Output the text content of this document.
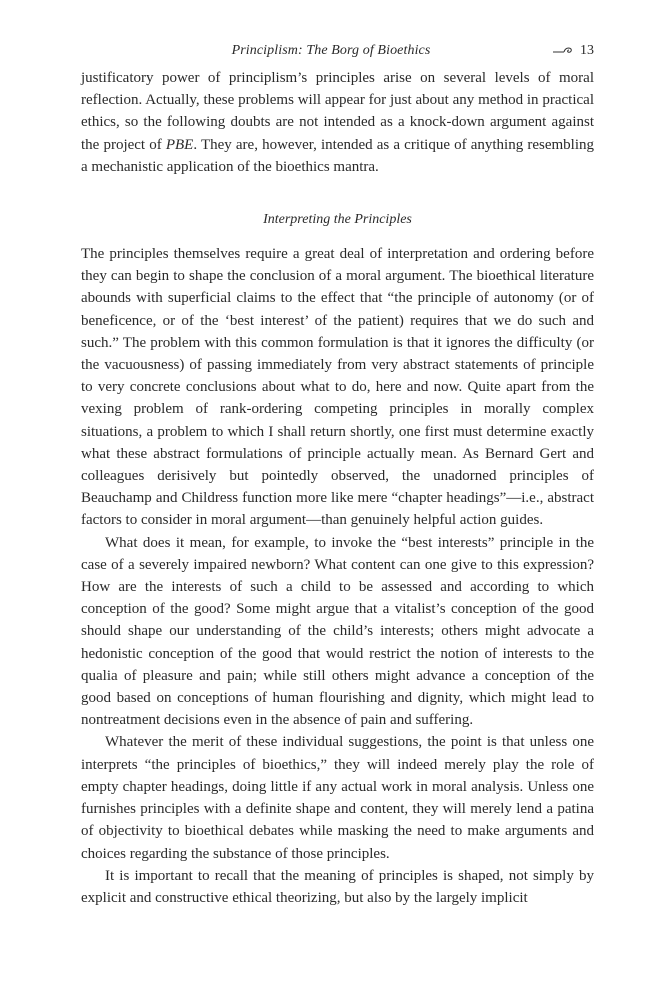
Principlism: The Borg of Bioethics	13

justificatory power of principlism’s principles arise on several levels of moral reflection. Actually, these problems will appear for just about any method in practical ethics, so the following doubts are not intended as a knock-down argument against the project of PBE. They are, however, intended as a critique of anything resembling a mechanistic application of the bioethics mantra.

Interpreting the Principles

The principles themselves require a great deal of interpretation and ordering before they can begin to shape the conclusion of a moral argument. The bioethical literature abounds with superficial claims to the effect that “the principle of autonomy (or of beneficence, or of the ‘best interest’ of the patient) requires that we do such and such.” The problem with this common formulation is that it ignores the difficulty (or the vacuousness) of passing immediately from very abstract statements of principle to very concrete conclusions about what to do, here and now. Quite apart from the vexing problem of rank-ordering competing principles in morally complex situations, a problem to which I shall return shortly, one first must determine exactly what these abstract formulations of principle actually mean. As Bernard Gert and colleagues derisively but pointedly observed, the unadorned principles of Beauchamp and Childress function more like mere “chapter headings”—i.e., abstract factors to consider in moral argument—than genuinely helpful action guides.

What does it mean, for example, to invoke the “best interests” principle in the case of a severely impaired newborn? What content can one give to this expression? How are the interests of such a child to be assessed and according to which conception of the good? Some might argue that a vitalist’s conception of the good should shape our understanding of the child’s interests; others might advocate a hedonistic conception of the good that would restrict the notion of interests to the qualia of pleasure and pain; while still others might advance a conception of the good based on conceptions of human flourishing and dignity, which might lead to nontreatment decisions even in the absence of pain and suffering.

Whatever the merit of these individual suggestions, the point is that unless one interprets “the principles of bioethics,” they will indeed merely play the role of empty chapter headings, doing little if any actual work in moral analysis. Unless one furnishes principles with a definite shape and content, they will merely lend a patina of objectivity to bioethical debates while masking the need to make arguments and choices regarding the substance of those principles.

It is important to recall that the meaning of principles is shaped, not simply by explicit and constructive ethical theorizing, but also by the largely implicit
